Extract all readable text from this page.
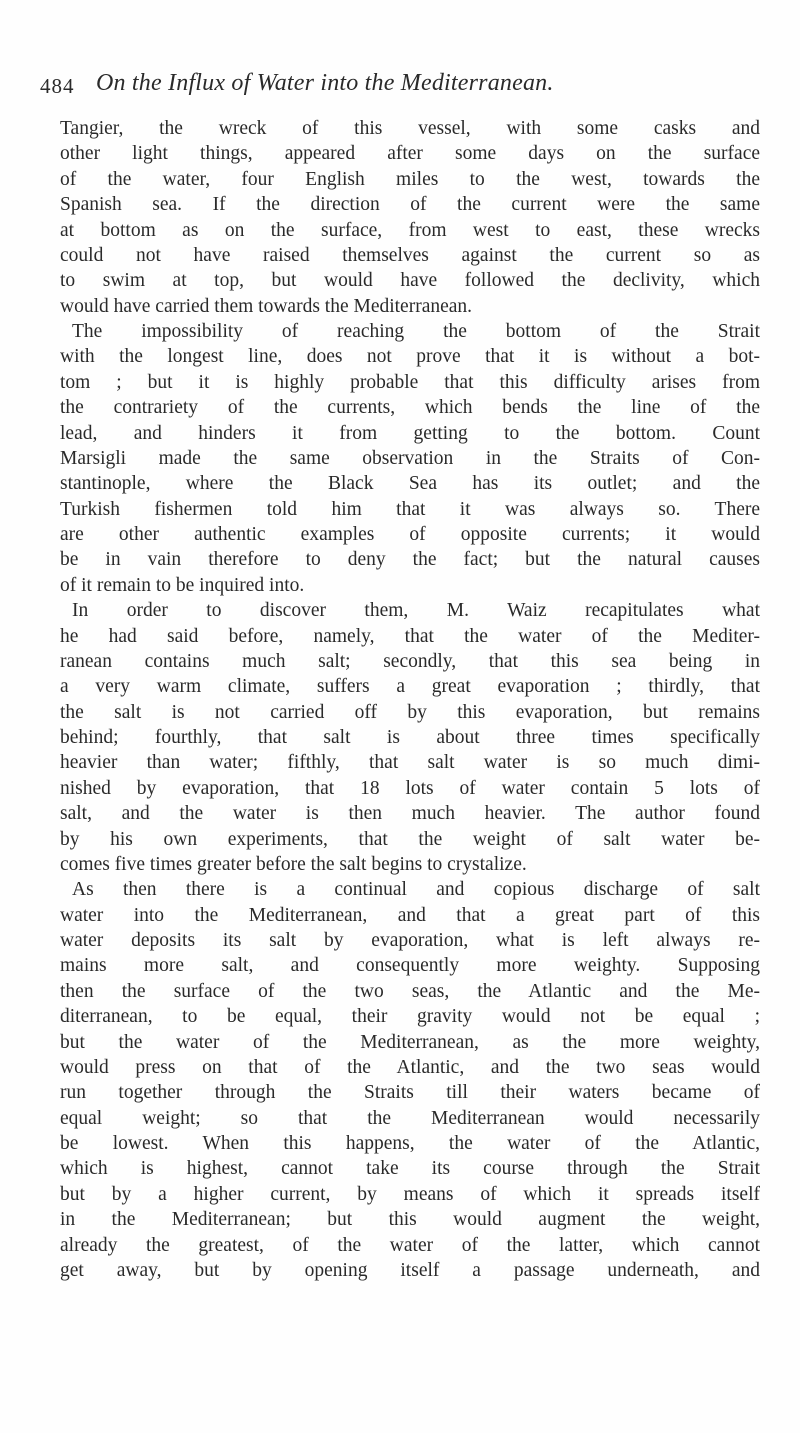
484 On the Influx of Water into the Mediterranean.
Tangier, the wreck of this vessel, with some casks and
other light things, appeared after some days on the surface
of the water, four English miles to the west, towards the
Spanish sea. If the direction of the current were the same
at bottom as on the surface, from west to east, these wrecks
could not have raised themselves against the current so as
to swim at top, but would have followed the declivity, which
would have carried them towards the Mediterranean.
The impossibility of reaching the bottom of the Strait
with the longest line, does not prove that it is without a bot-
tom ; but it is highly probable that this difficulty arises from
the contrariety of the currents, which bends the line of the
lead, and hinders it from getting to the bottom. Count
Marsigli made the same observation in the Straits of Con-
stantinople, where the Black Sea has its outlet; and the
Turkish fishermen told him that it was always so. There
are other authentic examples of opposite currents; it would
be in vain therefore to deny the fact; but the natural causes
of it remain to be inquired into.
In order to discover them, M. Waiz recapitulates what
he had said before, namely, that the water of the Mediter-
ranean contains much salt; secondly, that this sea being in
a very warm climate, suffers a great evaporation ; thirdly, that
the salt is not carried off by this evaporation, but remains
behind; fourthly, that salt is about three times specifically
heavier than water; fifthly, that salt water is so much dimi-
nished by evaporation, that 18 lots of water contain 5 lots of
salt, and the water is then much heavier. The author found
by his own experiments, that the weight of salt water be-
comes five times greater before the salt begins to crystalize.
As then there is a continual and copious discharge of salt
water into the Mediterranean, and that a great part of this
water deposits its salt by evaporation, what is left always re-
mains more salt, and consequently more weighty. Supposing
then the surface of the two seas, the Atlantic and the Me-
diterranean, to be equal, their gravity would not be equal ;
but the water of the Mediterranean, as the more weighty,
would press on that of the Atlantic, and the two seas would
run together through the Straits till their waters became of
equal weight; so that the Mediterranean would necessarily
be lowest. When this happens, the water of the Atlantic,
which is highest, cannot take its course through the Strait
but by a higher current, by means of which it spreads itself
in the Mediterranean; but this would augment the weight,
already the greatest, of the water of the latter, which cannot
get away, but by opening itself a passage underneath, and
